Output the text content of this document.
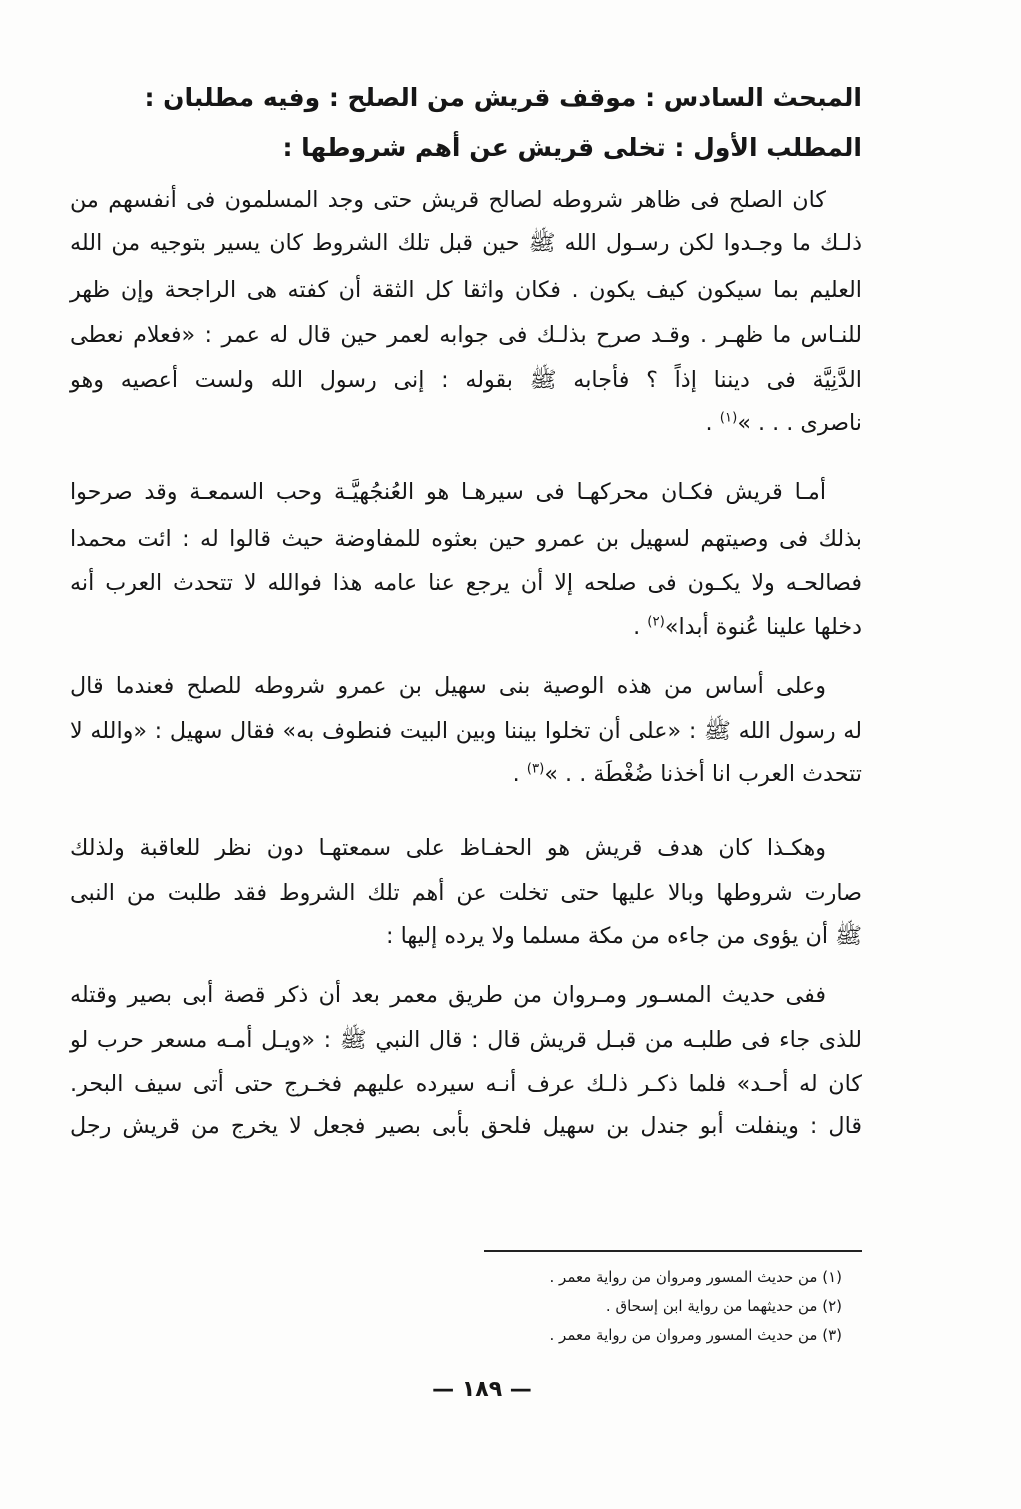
المبحث السادس : موقف قريش من الصلح : وفيه مطلبان :
المطلب الأول : تخلى قريش عن أهم شروطها :
كان الصلح فى ظاهر شروطه لصالح قريش حتى وجد المسلمون فى أنفسهم من
ذلـك ما وجـدوا لكن رسـول الله ﷺ حين قبل تلك الشروط كان يسير بتوجيه من الله
العليم بما سيكون كيف يكون . فكان واثقا كل الثقة أن كفته هى الراجحة وإن ظهر
للنـاس ما ظهـر . وقـد صرح بذلـك فى جوابه لعمر حين قال له عمر : «فعلام نعطى
الدَّنِيَّة فى ديننا إذاً ؟ فأجابه ﷺ بقوله : إنى رسول الله ولست أعصيه وهو
ناصرى . . . »$^{(١)}$ .
أمـا قريش فكـان محركهـا فى سيرهـا هو العُنجُهيَّـة وحب السمعـة وقد صرحوا
بذلك فى وصيتهم لسهيل بن عمرو حين بعثوه للمفاوضة حيث قالوا له : ائت محمدا
فصالحـه ولا يكـون فى صلحه إلا أن يرجع عنا عامه هذا فوالله لا تتحدث العرب أنه
دخلها علينا عُنوة أبدا»$^{(٢)}$ .
وعلى أساس من هذه الوصية بنى سهيل بن عمرو شروطه للصلح فعندما قال
له رسول الله ﷺ : «على أن تخلوا بيننا وبين البيت فنطوف به» فقال سهيل : «والله لا
تتحدث العرب انا أخذنا ضُغْطَة . . »$^{(٣)}$ .
وهكـذا كان هدف قريش هو الحفـاظ على سمعتهـا دون نظر للعاقبة ولذلك
صارت شروطها وبالا عليها حتى تخلت عن أهم تلك الشروط فقد طلبت من النبى
ﷺ أن يؤوى من جاءه من مكة مسلما ولا يرده إليها :
ففى حديث المسـور ومـروان من طريق معمر بعد أن ذكر قصة أبى بصير وقتله
للذى جاء فى طلبـه من قبـل قريش قال : قال النبي ﷺ : «ويـل أمـه مسعر حرب لو
كان له أحـد» فلما ذكـر ذلـك عرف أنـه سيرده عليهم فخـرج حتى أتى سيف البحر.
قال : وينفلت أبو جندل بن سهيل فلحق بأبى بصير فجعل لا يخرج من قريش رجل
(١) من حديث المسور ومروان من رواية معمر .
(٢) من حديثهما من رواية ابن إسحاق .
(٣) من حديث المسور ومروان من رواية معمر .
— ١٨٩ —
